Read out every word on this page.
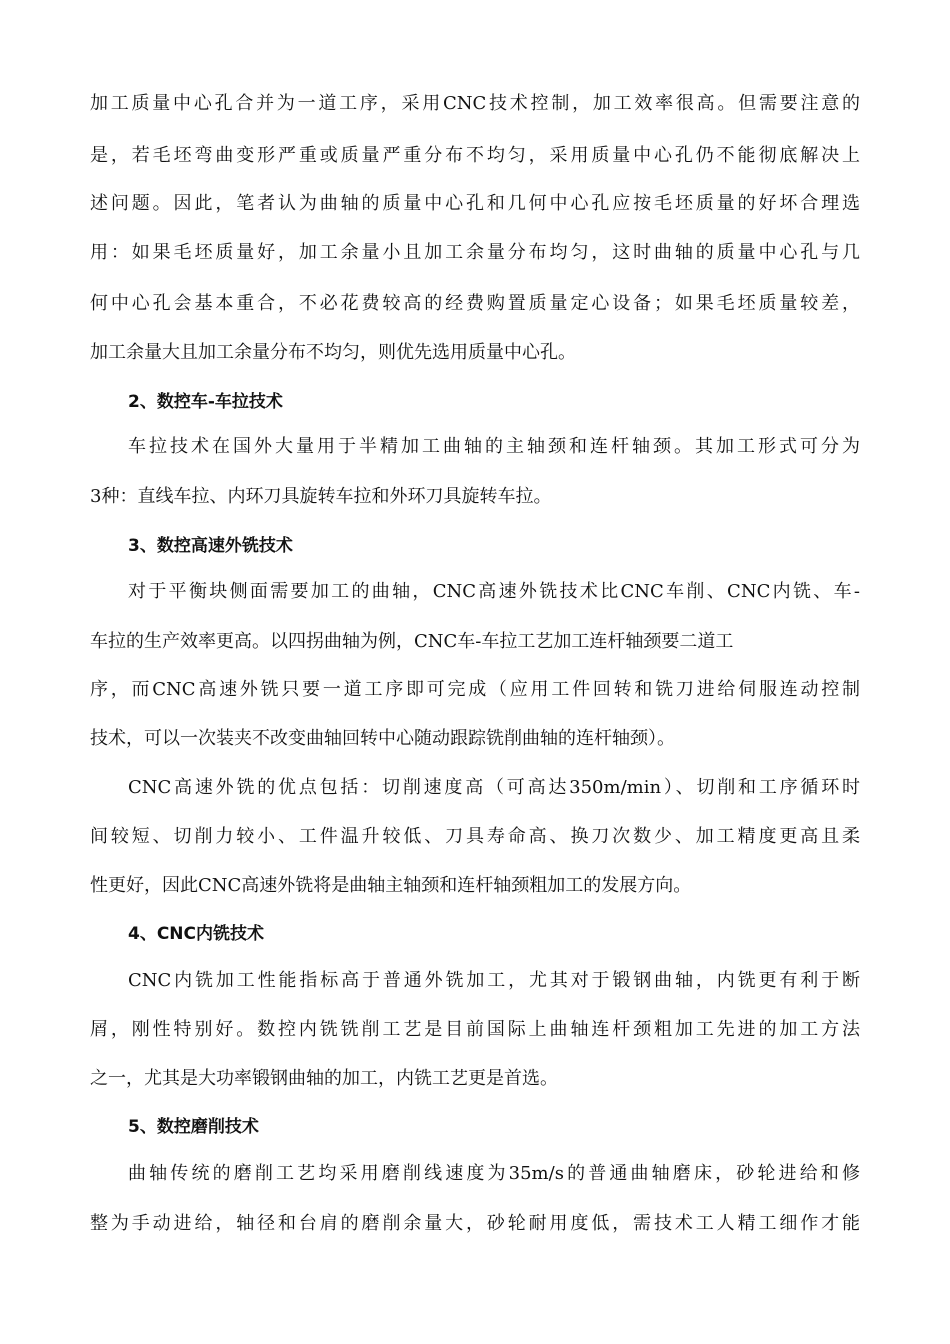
加工质量中心孔合并为一道工序，采用CNC技术控制，加工效率很高。但需要注意的
是，若毛坯弯曲变形严重或质量严重分布不均匀，采用质量中心孔仍不能彻底解决上
述问题。因此，笔者认为曲轴的质量中心孔和几何中心孔应按毛坯质量的好坏合理选
用：如果毛坯质量好，加工余量小且加工余量分布均匀，这时曲轴的质量中心孔与几
何中心孔会基本重合，不必花费较高的经费购置质量定心设备；如果毛坯质量较差，
加工余量大且加工余量分布不均匀，则优先选用质量中心孔。
2、数控车-车拉技术
车拉技术在国外大量用于半精加工曲轴的主轴颈和连杆轴颈。其加工形式可分为
3种：直线车拉、内环刀具旋转车拉和外环刀具旋转车拉。
3、数控高速外铣技术
对于平衡块侧面需要加工的曲轴，CNC高速外铣技术比CNC车削、CNC内铣、车-
车拉的生产效率更高。以四拐曲轴为例，CNC车-车拉工艺加工连杆轴颈要二道工
序，而CNC高速外铣只要一道工序即可完成（应用工件回转和铣刀进给伺服连动控制
技术，可以一次装夹不改变曲轴回转中心随动跟踪铣削曲轴的连杆轴颈）。
CNC高速外铣的优点包括：切削速度高（可高达350m/min）、切削和工序循环时
间较短、切削力较小、工件温升较低、刀具寿命高、换刀次数少、加工精度更高且柔
性更好，因此CNC高速外铣将是曲轴主轴颈和连杆轴颈粗加工的发展方向。
4、CNC内铣技术
CNC内铣加工性能指标高于普通外铣加工，尤其对于锻钢曲轴，内铣更有利于断
屑，刚性特别好。数控内铣铣削工艺是目前国际上曲轴连杆颈粗加工先进的加工方法
之一，尤其是大功率锻钢曲轴的加工，内铣工艺更是首选。
5、数控磨削技术
曲轴传统的磨削工艺均采用磨削线速度为35m/s的普通曲轴磨床，砂轮进给和修
整为手动进给，轴径和台肩的磨削余量大，砂轮耐用度低，需技术工人精工细作才能
